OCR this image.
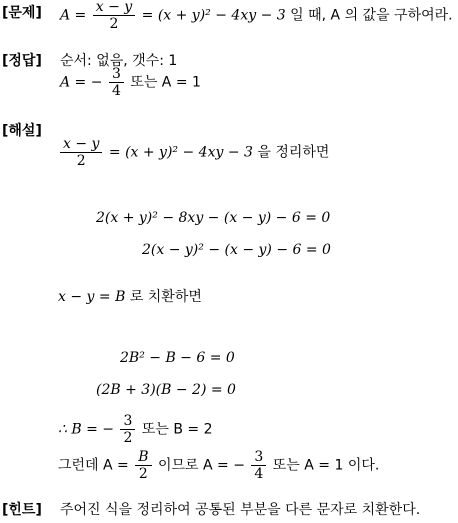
[문제] $A = \frac{x - y}{2} = (x + y)^2 - 4xy - 3$ 일 때, A 의 값을 구하여라.
[정답] 순서: 없음, 갯수: 1
A = − $\frac{3}{4}$ 또는 A = 1
[해설]
$\frac{x - y}{2} = (x + y)^2 - 4xy - 3$ 을 정리하면
2(x + y)² − 8xy − (x − y) − 6 = 0
2(x − y)² − (x − y) − 6 = 0
x − y = B 로 치환하면
2B² − B − 6 = 0
(2B + 3)(B − 2) = 0
∴ B = − $\frac{3}{2}$ 또는 B = 2
그런데 $A = \frac{B}{2}$ 이므로 A = − $\frac{3}{4}$ 또는 A = 1 이다.
[힌트] 주어진 식을 정리하여 공통된 부분을 다른 문자로 치환한다.
